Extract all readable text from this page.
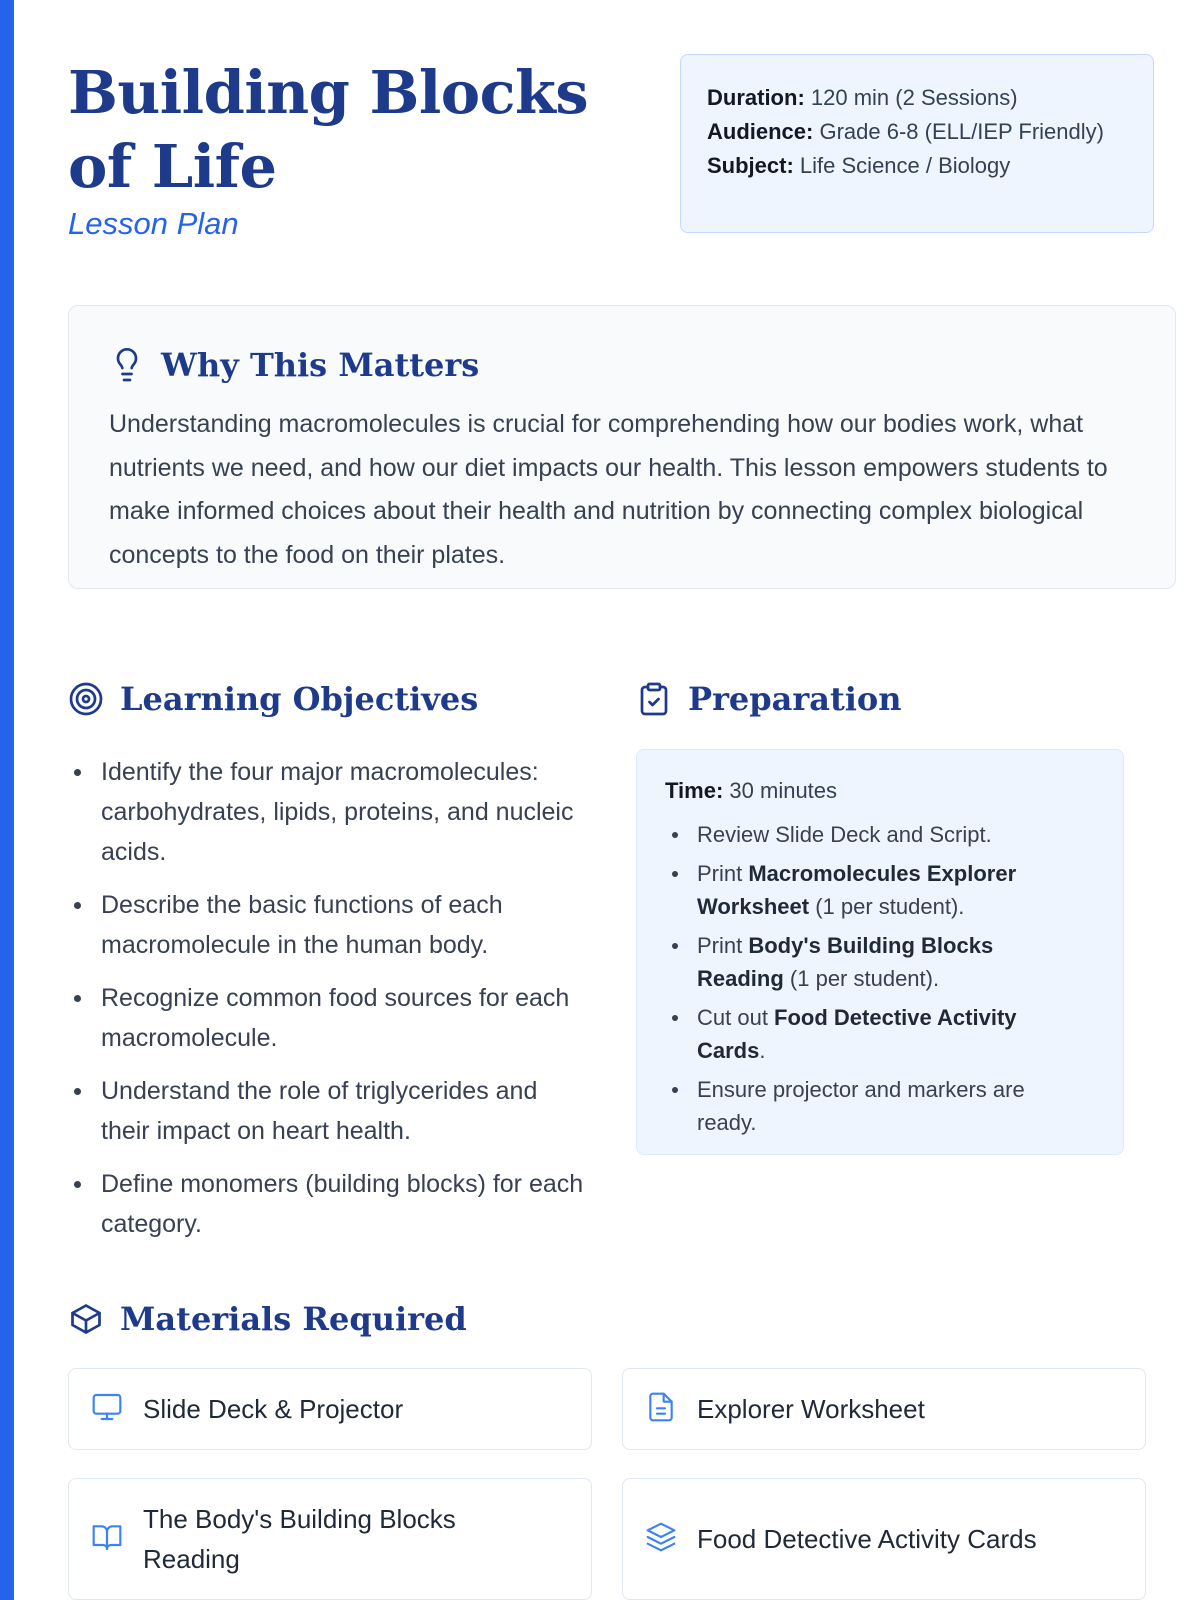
Building Blocks of Life
Lesson Plan
Duration: 120 min (2 Sessions)
Audience: Grade 6-8 (ELL/IEP Friendly)
Subject: Life Science / Biology
Why This Matters

Understanding macromolecules is crucial for comprehending how our bodies work, what nutrients we need, and how our diet impacts our health. This lesson empowers students to make informed choices about their health and nutrition by connecting complex biological concepts to the food on their plates.

Learning Objectives
Identify the four major macromolecules: carbohydrates, lipids, proteins, and nucleic acids.
Describe the basic functions of each macromolecule in the human body.
Recognize common food sources for each macromolecule.
Understand the role of triglycerides and their impact on heart health.
Define monomers (building blocks) for each category.
Preparation
Time: 30 minutes
Review Slide Deck and Script.
Print Macromolecules Explorer Worksheet (1 per student).
Print Body's Building Blocks Reading (1 per student).
Cut out Food Detective Activity Cards.
Ensure projector and markers are ready.
Materials Required
Slide Deck & Projector	Explorer Worksheet
The Body's Building Blocks Reading
Food Detective Activity Cards
